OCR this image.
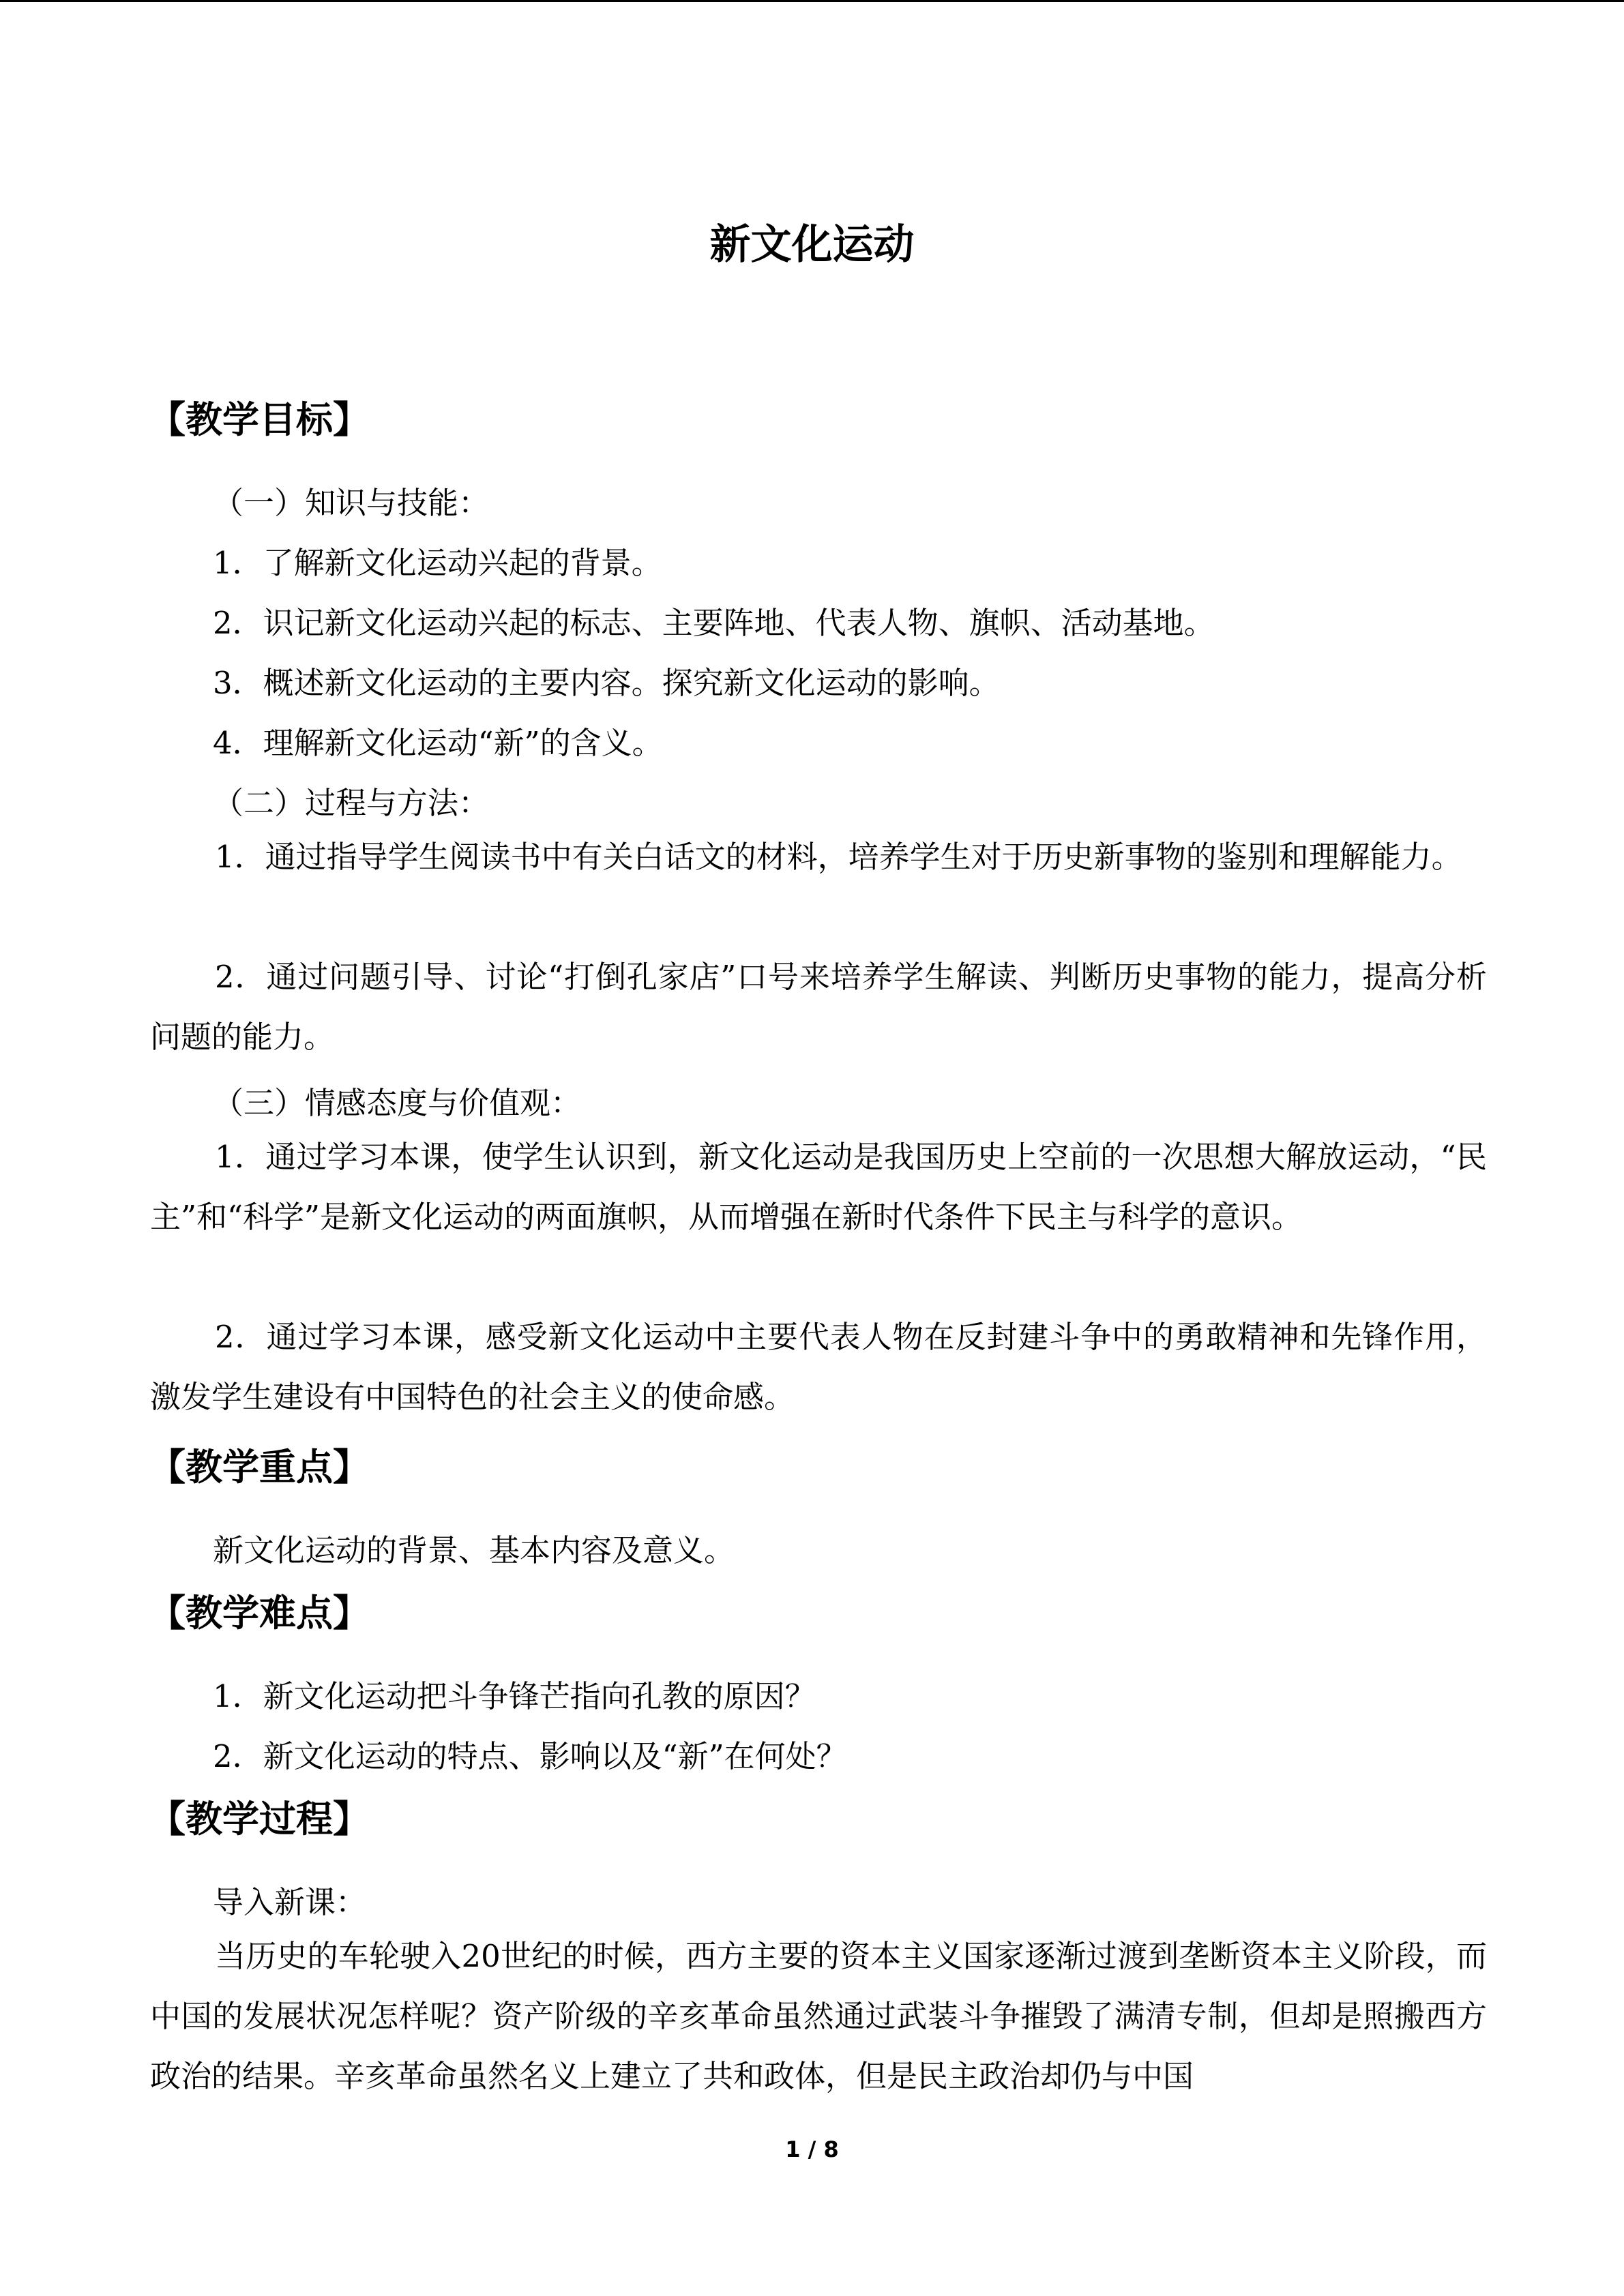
新文化运动
【教学目标】
（一）知识与技能：
1．了解新文化运动兴起的背景。
2．识记新文化运动兴起的标志、主要阵地、代表人物、旗帜、活动基地。
3．概述新文化运动的主要内容。探究新文化运动的影响。
4．理解新文化运动“新”的含义。
（二）过程与方法：
1．通过指导学生阅读书中有关白话文的材料，培养学生对于历史新事物的鉴别和理解能力。
2．通过问题引导、讨论“打倒孔家店”口号来培养学生解读、判断历史事物的能力，提高分析问题的能力。
（三）情感态度与价值观：
1．通过学习本课，使学生认识到，新文化运动是我国历史上空前的一次思想大解放运动，“民主”和“科学”是新文化运动的两面旗帜，从而增强在新时代条件下民主与科学的意识。
2．通过学习本课，感受新文化运动中主要代表人物在反封建斗争中的勇敢精神和先锋作用，激发学生建设有中国特色的社会主义的使命感。
【教学重点】
新文化运动的背景、基本内容及意义。
【教学难点】
1．新文化运动把斗争锋芒指向孔教的原因？
2．新文化运动的特点、影响以及“新”在何处？
【教学过程】
导入新课：
当历史的车轮驶入20世纪的时候，西方主要的资本主义国家逐渐过渡到垄断资本主义阶段，而中国的发展状况怎样呢？资产阶级的辛亥革命虽然通过武装斗争摧毁了满清专制，但却是照搬西方政治的结果。辛亥革命虽然名义上建立了共和政体，但是民主政治却仍与中国
1 / 8
